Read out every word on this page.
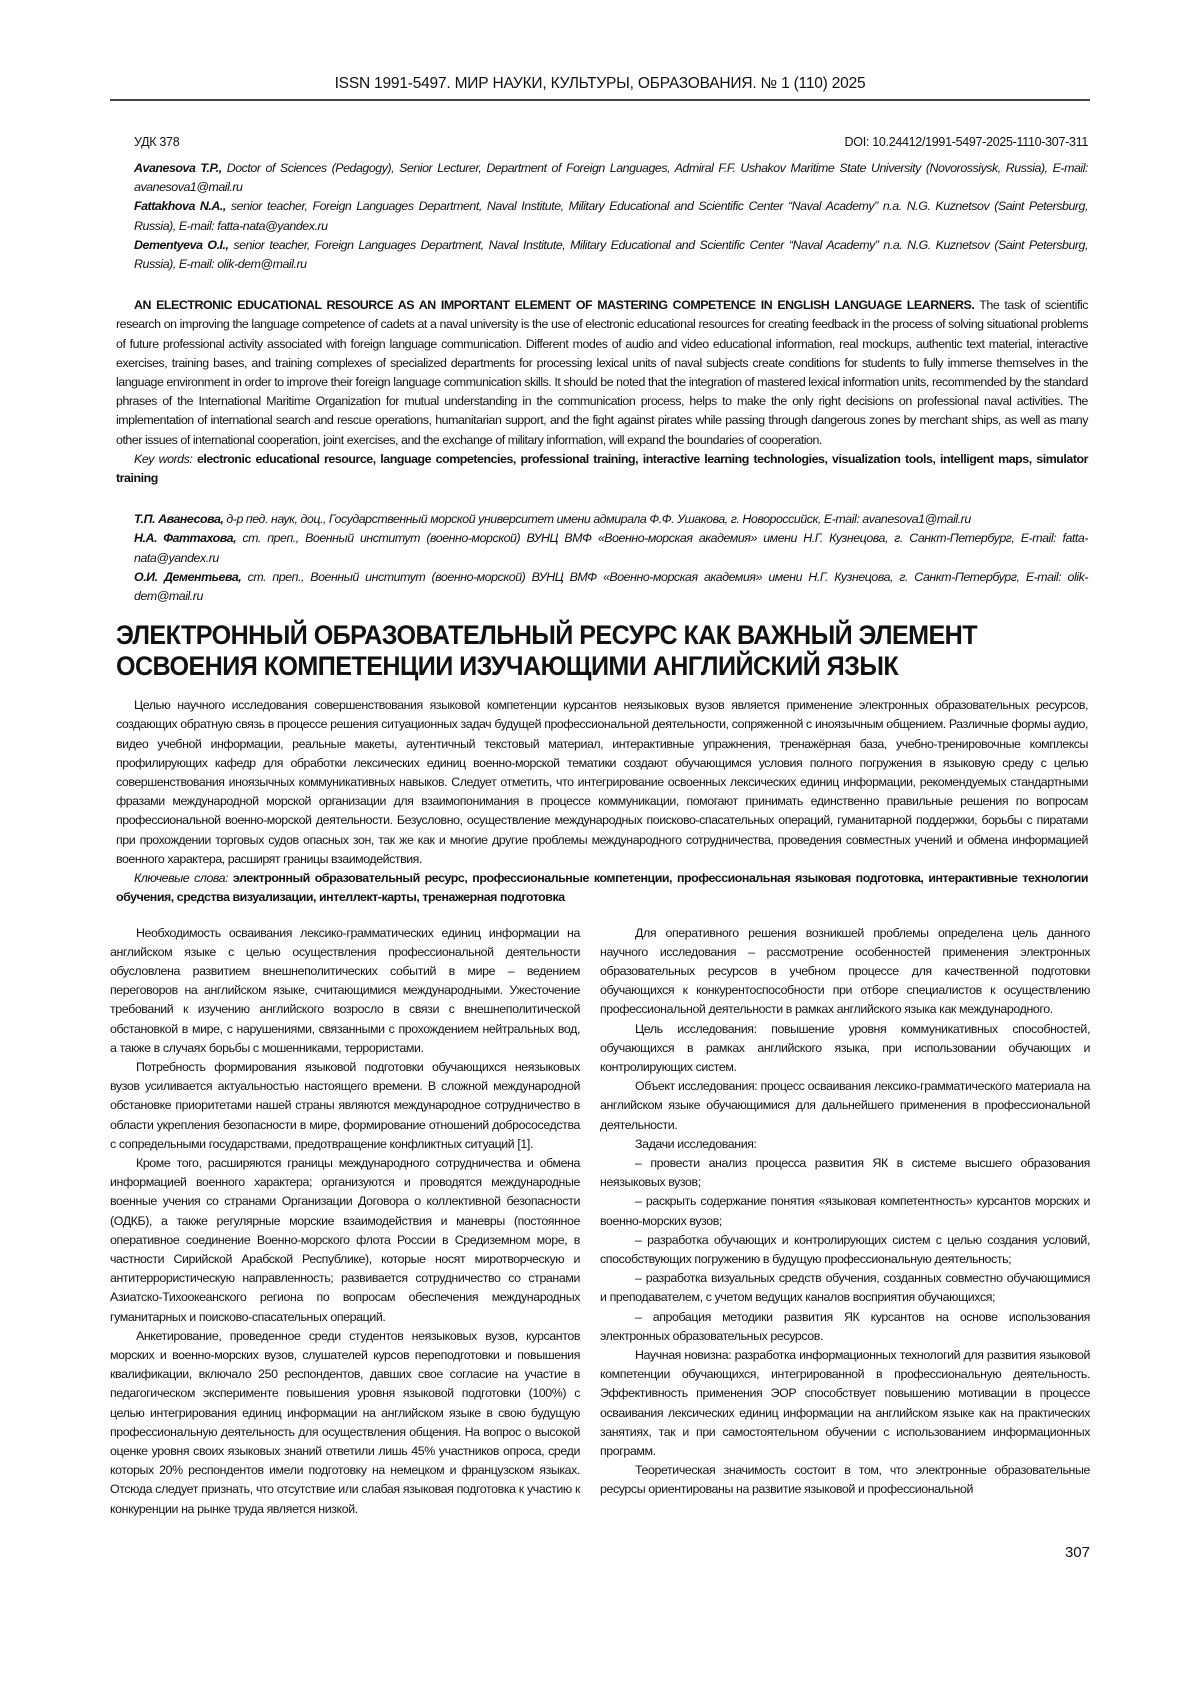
ISSN 1991-5497. МИР НАУКИ, КУЛЬТУРЫ, ОБРАЗОВАНИЯ. № 1 (110) 2025
УДК 378	DOI: 10.24412/1991-5497-2025-1110-307-311

Avanesova T.P., Doctor of Sciences (Pedagogy), Senior Lecturer, Department of Foreign Languages, Admiral F.F. Ushakov Maritime State University (Novorossiysk, Russia), E-mail: avanesova1@mail.ru

Fattakhova N.A., senior teacher, Foreign Languages Department, Naval Institute, Military Educational and Scientific Center “Naval Academy” n.a. N.G. Kuznetsov (Saint Petersburg, Russia), E-mail: fatta-nata@yandex.ru

Dementyeva O.I., senior teacher, Foreign Languages Department, Naval Institute, Military Educational and Scientific Center “Naval Academy” n.a. N.G. Kuznetsov (Saint Petersburg, Russia), E-mail: olik-dem@mail.ru

AN ELECTRONIC EDUCATIONAL RESOURCE AS AN IMPORTANT ELEMENT OF MASTERING COMPETENCE IN ENGLISH LANGUAGE LEARNERS. The task of scientific research on improving the language competence of cadets at a naval university is the use of electronic educational resources for creating feedback in the process of solving situational problems of future professional activity associated with foreign language communication. Different modes of audio and video educational information, real mockups, authentic text material, interactive exercises, training bases, and training complexes of specialized departments for processing lexical units of naval subjects create conditions for students to fully immerse themselves in the language environment in order to improve their foreign language communication skills. It should be noted that the integration of mastered lexical information units, recommended by the standard phrases of the International Maritime Organization for mutual understanding in the communication process, helps to make the only right decisions on professional naval activities. The implementation of international search and rescue operations, humanitarian support, and the fight against pirates while passing through dangerous zones by merchant ships, as well as many other issues of international cooperation, joint exercises, and the exchange of military information, will expand the boundaries of cooperation.

Key words: electronic educational resource, language competencies, professional training, interactive learning technologies, visualization tools, intelligent maps, simulator training

Т.П. Аванесова, д-р пед. наук, доц., Государственный морской университет имени адмирала Ф.Ф. Ушакова, г. Новороссийск, E-mail: avanesova1@mail.ru

Н.А. Фаттахова, ст. преп., Военный институт (военно-морской) ВУНЦ ВМФ «Военно-морская академия» имени Н.Г. Кузнецова, г. Санкт-Петербург, E-mail: fatta-nata@yandex.ru

О.И. Дементьева, ст. преп., Военный институт (военно-морской) ВУНЦ ВМФ «Военно-морская академия» имени Н.Г. Кузнецова, г. Санкт-Петербург, E-mail: olik-dem@mail.ru

ЭЛЕКТРОННЫЙ ОБРАЗОВАТЕЛЬНЫЙ РЕСУРС КАК ВАЖНЫЙ ЭЛЕМЕНТ
ОСВОЕНИЯ КОМПЕТЕНЦИИ ИЗУЧАЮЩИМИ АНГЛИЙСКИЙ ЯЗЫК

Целью научного исследования совершенствования языковой компетенции курсантов неязыковых вузов является применение электронных образовательных ресурсов, создающих обратную связь в процессе решения ситуационных задач будущей профессиональной деятельности, сопряженной с иноязычным общением. Различные формы аудио, видео учебной информации, реальные макеты, аутентичный текстовый материал, интерактивные упражнения, тренажёрная база, учебно-тренировочные комплексы профилирующих кафедр для обработки лексических единиц военно-морской тематики создают обучающимся условия полного погружения в языковую среду с целью совершенствования иноязычных коммуникативных навыков. Следует отметить, что интегрирование освоенных лексических единиц информации, рекомендуемых стандартными фразами международной морской организации для взаимопонимания в процессе коммуникации, помогают принимать единственно правильные решения по вопросам профессиональной военно-морской деятельности. Безусловно, осуществление международных поисково-спасательных операций, гуманитарной поддержки, борьбы с пиратами при прохождении торговых судов опасных зон, так же как и многие другие проблемы международного сотрудничества, проведения совместных учений и обмена информацией военного характера, расширят границы взаимодействия.

Ключевые слова: электронный образовательный ресурс, профессиональные компетенции, профессиональная языковая подготовка, интерактивные технологии обучения, средства визуализации, интеллект-карты, тренажерная подготовка

Необходимость осваивания лексико-грамматических единиц информации на английском языке с целью осуществления профессиональной деятельности обусловлена развитием внешнеполитических событий в мире – ведением переговоров на английском языке, считающимися международными. Ужесточение требований к изучению английского возросло в связи с внешнеполитической обстановкой в мире, с нарушениями, связанными с прохождением нейтральных вод, а также в случаях борьбы с мошенниками, террористами.

Потребность формирования языковой подготовки обучающихся неязыковых вузов усиливается актуальностью настоящего времени. В сложной международной обстановке приоритетами нашей страны являются международное сотрудничество в области укрепления безопасности в мире, формирование отношений добрососедства с сопредельными государствами, предотвращение конфликтных ситуаций [1].

Кроме того, расширяются границы международного сотрудничества и обмена информацией военного характера; организуются и проводятся международные военные учения со странами Организации Договора о коллективной безопасности (ОДКБ), а также регулярные морские взаимодействия и маневры (постоянное оперативное соединение Военно-морского флота России в Средиземном море, в частности Сирийской Арабской Республике), которые носят миротворческую и антитеррористическую направленность; развивается сотрудничество со странами Азиатско-Тихоокеанского региона по вопросам обеспечения международных гуманитарных и поисково-спасательных операций.

Анкетирование, проведенное среди студентов неязыковых вузов, курсантов морских и военно-морских вузов, слушателей курсов переподготовки и повышения квалификации, включало 250 респондентов, давших свое согласие на участие в педагогическом эксперименте повышения уровня языковой подготовки (100%) с целью интегрирования единиц информации на английском языке в свою будущую профессиональную деятельность для осуществления общения. На вопрос о высокой оценке уровня своих языковых знаний ответили лишь 45% участников опроса, среди которых 20% респондентов имели подготовку на немецком и французском языках. Отсюда следует признать, что отсутствие или слабая языковая подготовка к участию к конкуренции на рынке труда является низкой.

Для оперативного решения возникшей проблемы определена цель данного научного исследования – рассмотрение особенностей применения электронных образовательных ресурсов в учебном процессе для качественной подготовки обучающихся к конкурентоспособности при отборе специалистов к осуществлению профессиональной деятельности в рамках английского языка как международного.

Цель исследования: повышение уровня коммуникативных способностей, обучающихся в рамках английского языка, при использовании обучающих и контролирующих систем.

Объект исследования: процесс осваивания лексико-грамматического материала на английском языке обучающимися для дальнейшего применения в профессиональной деятельности.

Задачи исследования:

– провести анализ процесса развития ЯК в системе высшего образования неязыковых вузов;

– раскрыть содержание понятия «языковая компетентность» курсантов морских и военно-морских вузов;

– разработка обучающих и контролирующих систем с целью создания условий, способствующих погружению в будущую профессиональную деятельность;

– разработка визуальных средств обучения, созданных совместно обучающимися и преподавателем, с учетом ведущих каналов восприятия обучающихся;

– апробация методики развития ЯК курсантов на основе использования электронных образовательных ресурсов.

Научная новизна: разработка информационных технологий для развития языковой компетенции обучающихся, интегрированной в профессиональную деятельность. Эффективность применения ЭОР способствует повышению мотивации в процессе осваивания лексических единиц информации на английском языке как на практических занятиях, так и при самостоятельном обучении с использованием информационных программ.

Теоретическая значимость состоит в том, что электронные образовательные ресурсы ориентированы на развитие языковой и профессиональной

307
